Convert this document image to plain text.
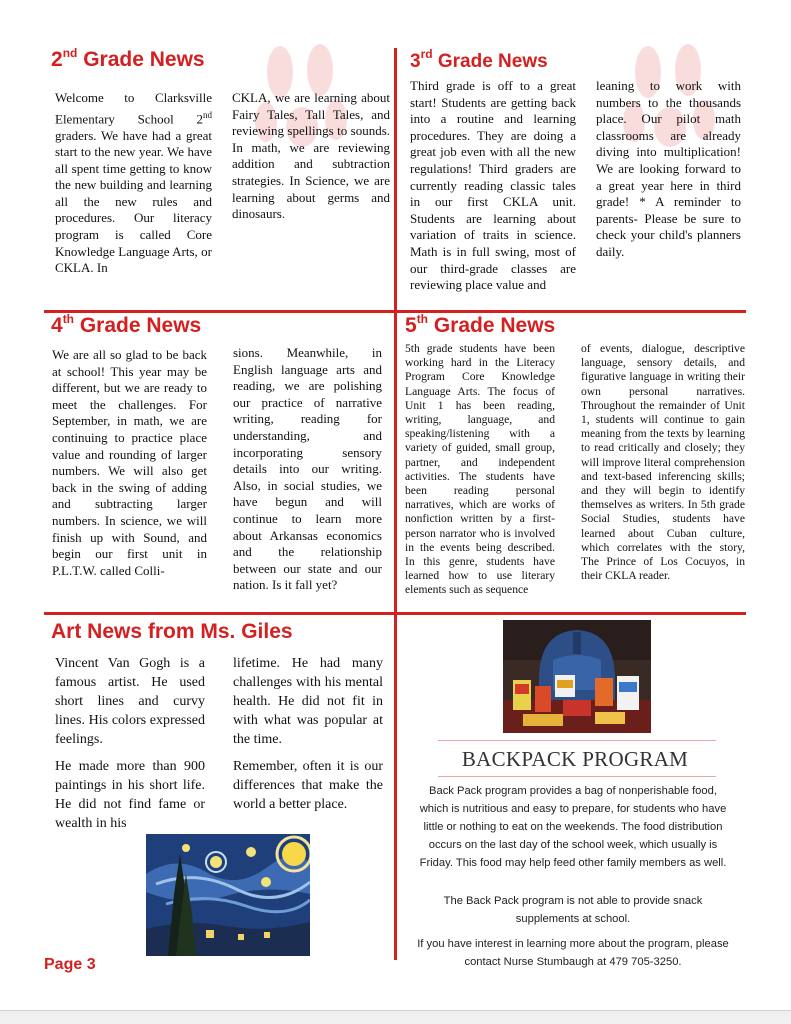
2nd Grade News
Welcome to Clarksville Elementary School 2nd graders. We have had a great start to the new year. We have all spent time getting to know the new building and learning all the new rules and procedures. Our literacy program is called Core Knowledge Language Arts, or CKLA. In
CKLA, we are learning about Fairy Tales, Tall Tales, and reviewing spellings to sounds. In math, we are reviewing addition and subtraction strategies. In Science, we are learning about germs and dinosaurs.
3rd Grade News
Third grade is off to a great start! Students are getting back into a routine and learning procedures. They are doing a great job even with all the new regulations! Third graders are currently reading classic tales in our first CKLA unit. Students are learning about variation of traits in science. Math is in full swing, most of our third-grade classes are reviewing place value and
leaning to work with numbers to the thousands place. Our pilot math classrooms are already diving into multiplication! We are looking forward to a great year here in third grade! * A reminder to parents- Please be sure to check your child's planners daily.
4th Grade News
We are all so glad to be back at school! This year may be different, but we are ready to meet the challenges. For September, in math, we are continuing to practice place value and rounding of larger numbers. We will also get back in the swing of adding and subtracting larger numbers. In science, we will finish up with Sound, and begin our first unit in P.L.T.W. called Colli-
sions. Meanwhile, in English language arts and reading, we are polishing our practice of narrative writing, reading for understanding, and incorporating sensory details into our writing. Also, in social studies, we have begun and will continue to learn more about Arkansas economics and the relationship between our state and our nation. Is it fall yet?
5th Grade News
5th grade students have been working hard in the Literacy Program Core Knowledge Language Arts. The focus of Unit 1 has been reading, writing, language, and speaking/listening with a variety of guided, small group, partner, and independent activities. The students have been reading personal narratives, which are works of nonfiction written by a first-person narrator who is involved in the events being described. In this genre, students have learned how to use literary elements such as sequence
of events, dialogue, descriptive language, sensory details, and figurative language in writing their own personal narratives. Throughout the remainder of Unit 1, students will continue to gain meaning from the texts by learning to read critically and closely; they will improve literal comprehension and text-based inferencing skills; and they will begin to identify themselves as writers. In 5th grade Social Studies, students have learned about Cuban culture, which correlates with the story, The Prince of Los Cocuyos, in their CKLA reader.
Art News from Ms. Giles

Vincent Van Gogh is a famous artist. He used short lines and curvy lines. His colors expressed feelings.

He made more than 900 paintings in his short life. He did not find fame or wealth in his

lifetime. He had many challenges with his mental health. He did not fit in with what was popular at the time.

Remember, often it is our differences that make the world a better place.

BACKPACK PROGRAM
Back Pack program provides a bag of nonperishable food, which is nutritious and easy to prepare, for students who have little or nothing to eat on the weekends. The food distribution occurs on the last day of the school week, which usually is Friday. This food may help feed other family members as well.
The Back Pack program is not able to provide snack supplements at school.
If you have interest in learning more about the program, please contact Nurse Stumbaugh at 479 705-3250.
Page 3
